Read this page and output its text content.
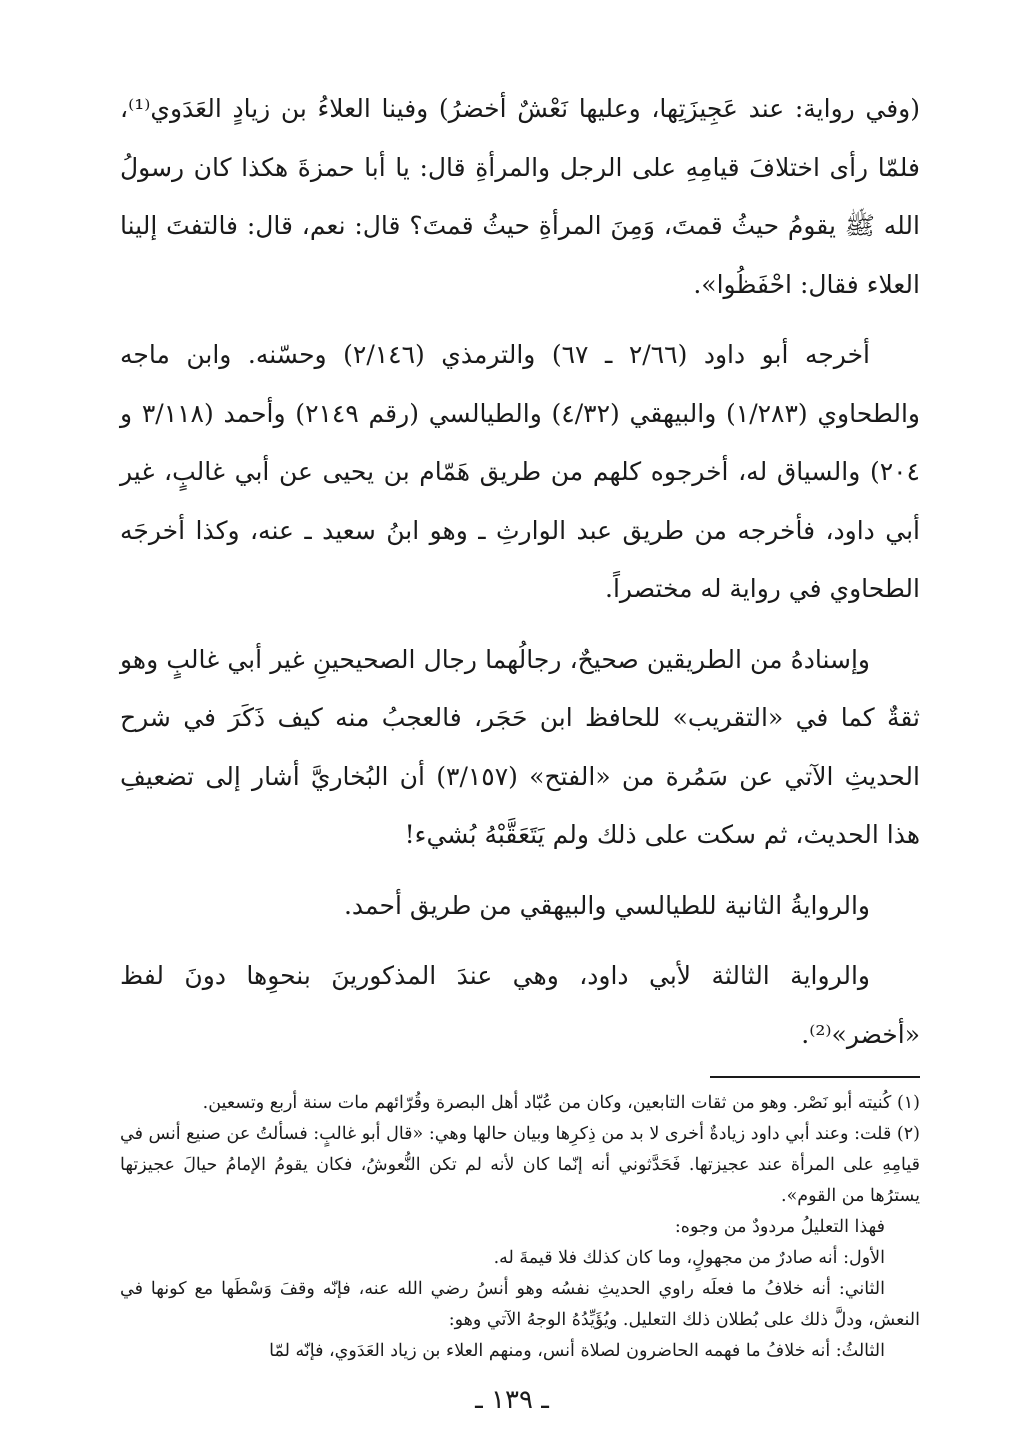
(وفي رواية: عند عَجِيزَتِها، وعليها نَعْشٌ أخضرُ) وفينا العلاءُ بن زيادٍ العَدَوي⁽¹⁾، فلمّا رأى اختلافَ قيامِهِ على الرجل والمرأةِ قال: يا أبا حمزةَ هكذا كان رسولُ الله ﷺ يقومُ حيثُ قمتَ، وَمِنَ المرأةِ حيثُ قمتَ؟ قال: نعم، قال: فالتفتَ إلينا العلاء فقال: احْفَظُوا».

أخرجه أبو داود (٢/٦٦ ـ ٦٧) والترمذي (٢/١٤٦) وحسّنه. وابن ماجه والطحاوي (١/٢٨٣) والبيهقي (٤/٣٢) والطيالسي (رقم ٢١٤٩) وأحمد (٣/١١٨ و ٢٠٤) والسياق له، أخرجوه كلهم من طريق هَمّام بن يحيى عن أبي غالبٍ، غير أبي داود، فأخرجه من طريق عبد الوارثِ ـ وهو ابنُ سعيد ـ عنه، وكذا أخرجَه الطحاوي في رواية له مختصراً.

وإسنادهُ من الطريقين صحيحٌ، رجالُهما رجال الصحيحينِ غير أبي غالبٍ وهو ثقةٌ كما في «التقريب» للحافظ ابن حَجَر، فالعجبُ منه كيف ذَكَرَ في شرح الحديثِ الآتي عن سَمُرة من «الفتح» (٣/١٥٧) أن البُخاريَّ أشار إلى تضعيفِ هذا الحديث، ثم سكت على ذلك ولم يَتَعَقَّبْهُ بُشيء!

والروايةُ الثانية للطيالسي والبيهقي من طريق أحمد.

والرواية الثالثة لأبي داود، وهي عندَ المذكورينَ بنحوِها دونَ لفظ «أخضر»⁽²⁾.

(١) كُنيته أبو نَصْر. وهو من ثقات التابعين، وكان من عُبّاد أهل البصرة وقُرّائهم مات سنة أربع وتسعين.

(٢) قلت: وعند أبي داود زيادةٌ أخرى لا بد من ذِكرِها وبيان حالها وهي: «قال أبو غالبٍ: فسألتُ عن صنيع أنس في قيامِهِ على المرأة عند عجيزتها. فَحَدَّثوني أنه إنّما كان لأنه لم تكن النُّعوشُ، فكان يقومُ الإمامُ حيالَ عجيزتها يسترُها من القوم».

فهذا التعليلُ مردودٌ من وجوه:

الأول: أنه صادرٌ من مجهولٍ، وما كان كذلك فلا قيمةَ له.

الثاني: أنه خلافُ ما فعلَه راوي الحديثِ نفسُه وهو أنسُ رضي الله عنه، فإنّه وقفَ وَسْطَها مع كونها في النعش، ودلَّ ذلك على بُطلان ذلك التعليل. ويُؤَيِّدُهُ الوجهُ الآتي وهو:

الثالثُ: أنه خلافُ ما فهمه الحاضرون لصلاة أنس، ومنهم العلاء بن زياد العَدَوي، فإنّه لمّا

ـ ١٣٩ ـ
